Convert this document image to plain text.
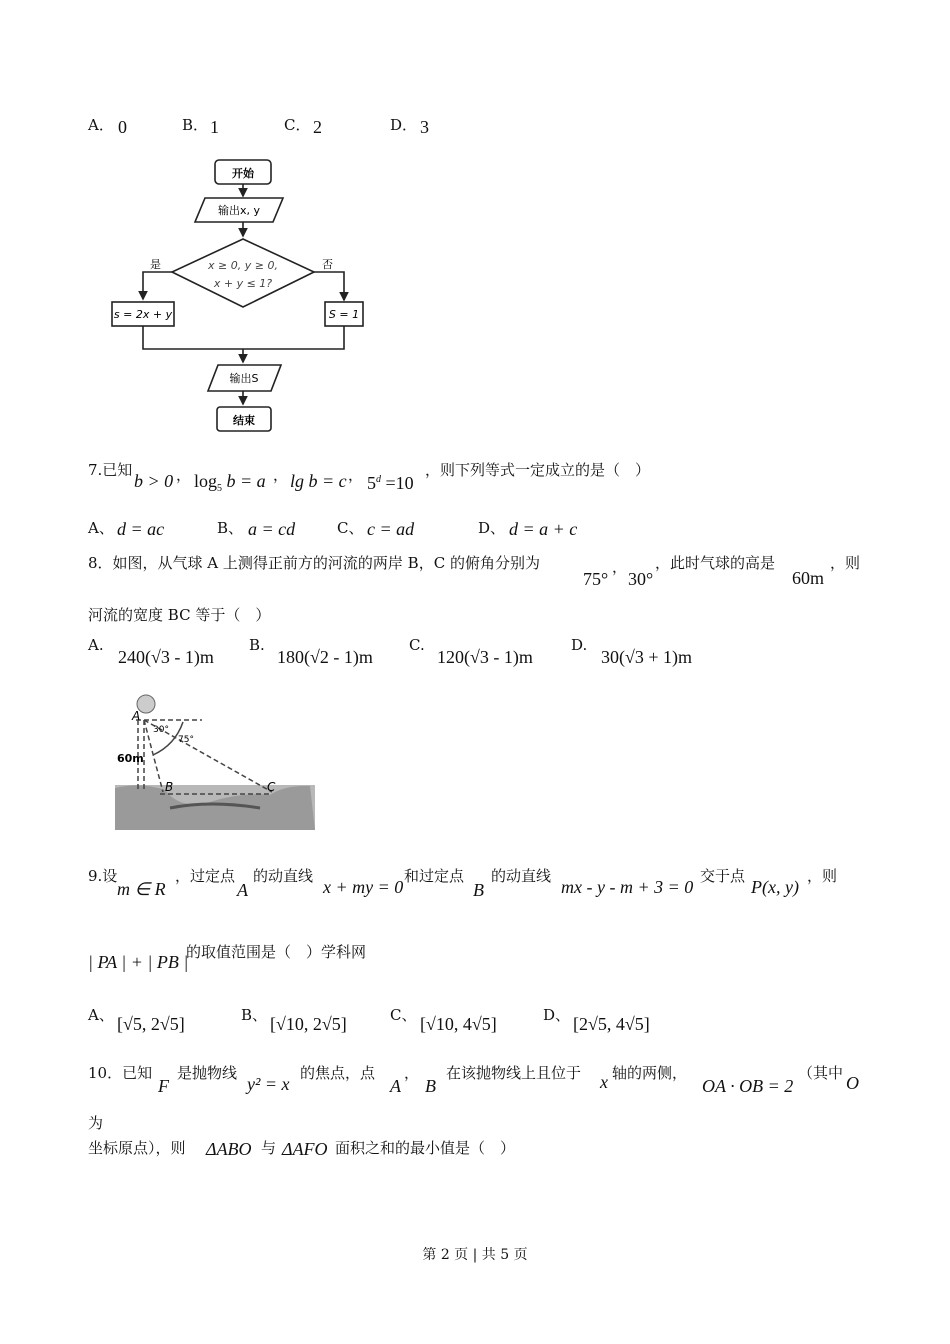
A． 0	B． 1	C． 2	D． 3
开始
输出x, y
x ≥ 0, y ≥ 0,
x + y ≤ 1?
是	否
s = 2x + y	S = 1
输出S
结束
7.已知
b > 0 ， $\log_5 b = a$ ， lg b = c ， $5^d =10$
，则下列等式一定成立的是（　）
A、 d = ac	B、 a = cd	C、 c = ad	D、 d = a + c
8．如图，从气球 A 上测得正前方的河流的两岸 B，C 的俯角分别为
75°
，
30°
，此时气球的高是
60m
，则
河流的宽度 BC 等于（　）
A.
240(√3 - 1)m
B.
180(√2 - 1)m
C.
120(√3 - 1)m
D.
30(√3 + 1)m
A
B	C
60m
30°
75°
9.设
m ∈ R
，过定点
A
的动直线
x + my = 0
和过定点
B
的动直线
mx - y - m + 3 = 0
交于点
P(x, y)
，则
| PA | + | PB |
的取值范围是（　）学科网
A、 [√5, 2√5]	B、 [√10, 2√5]	C、 [√10, 4√5]	D、 [2√5, 4√5]
10．已知
F
是抛物线
y² = x
的焦点，点
A
，
B
在该抛物线上且位于 x 轴的两侧，
OA · OB = 2
（其中 O
为
坐标原点），则 ΔABO 与 ΔAFO 面积之和的最小值是（　）
第 2 页 | 共 5 页
